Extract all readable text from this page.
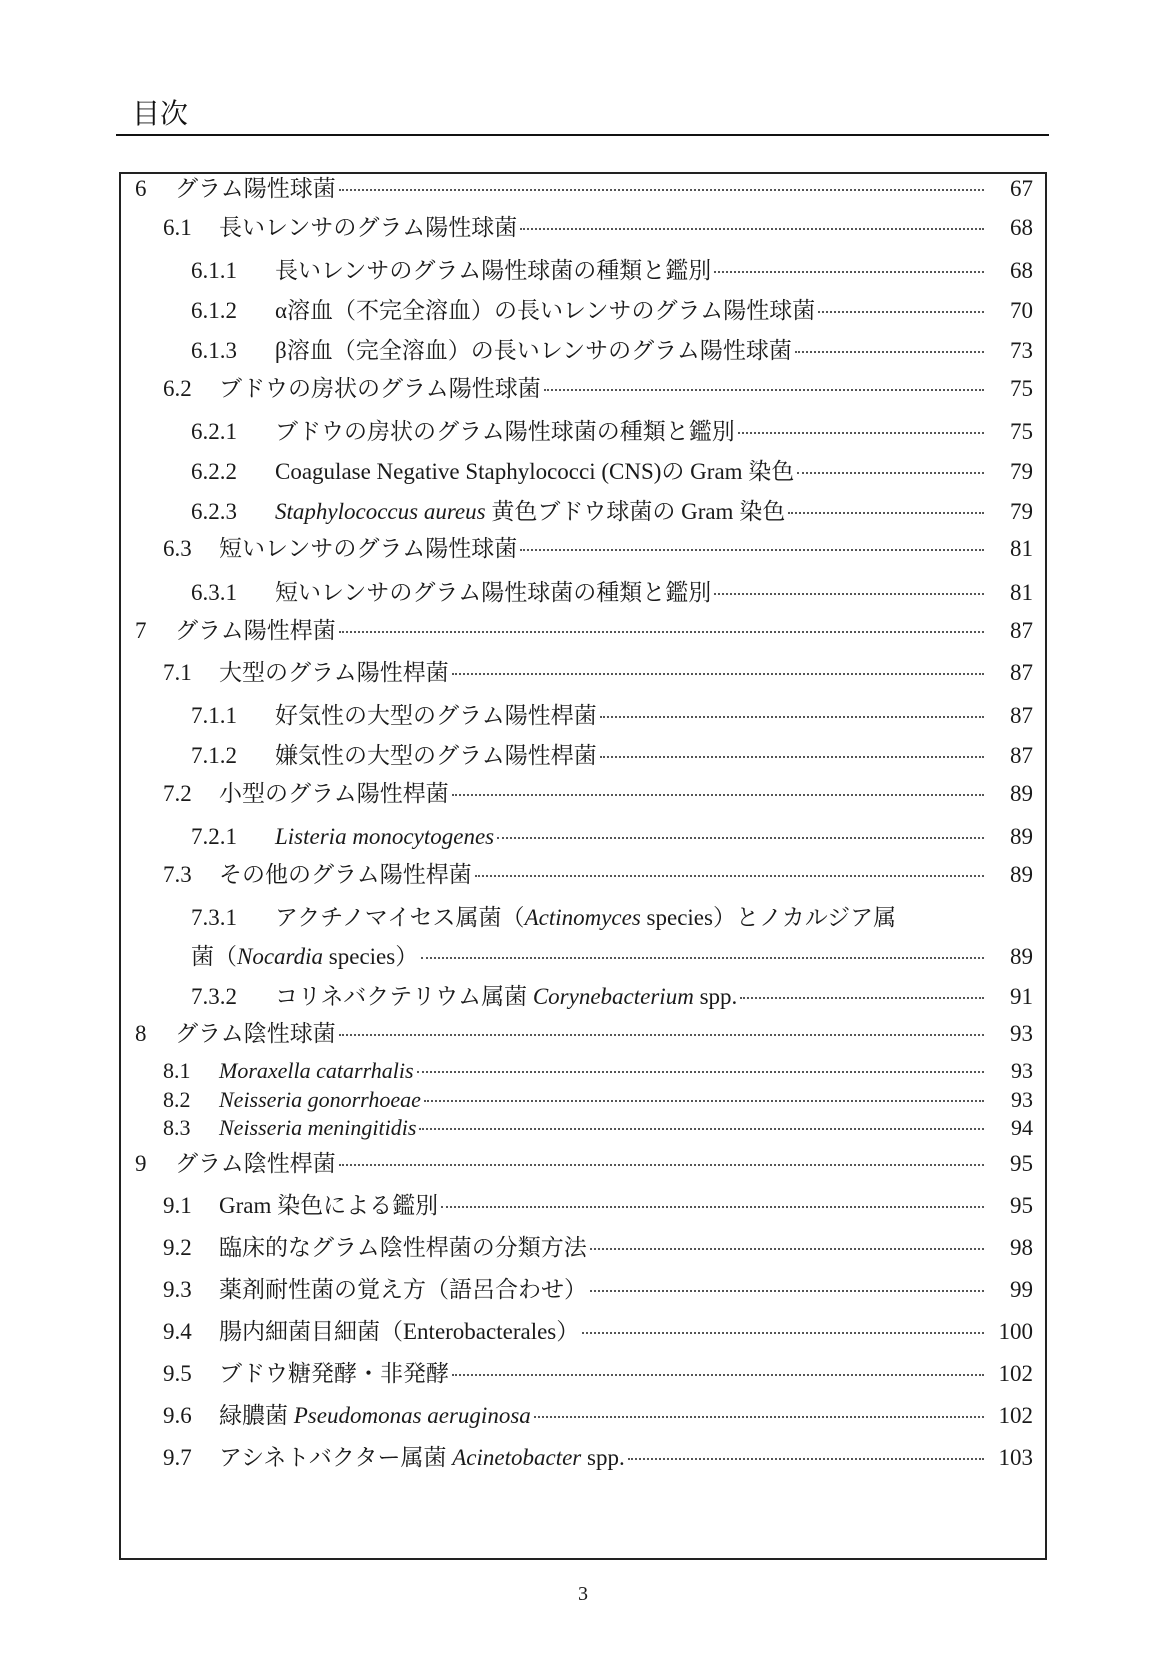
目次
6	グラム陽性球菌	67
6.1	長いレンサのグラム陽性球菌	68
6.1.1	長いレンサのグラム陽性球菌の種類と鑑別	68
6.1.2	α溶血（不完全溶血）の長いレンサのグラム陽性球菌	70
6.1.3	β溶血（完全溶血）の長いレンサのグラム陽性球菌	73
6.2	ブドウの房状のグラム陽性球菌	75
6.2.1	ブドウの房状のグラム陽性球菌の種類と鑑別	75
6.2.2	Coagulase Negative Staphylococci (CNS)の Gram 染色	79
6.2.3	Staphylococcus aureus 黄色ブドウ球菌の Gram 染色	79
6.3	短いレンサのグラム陽性球菌	81
6.3.1	短いレンサのグラム陽性球菌の種類と鑑別	81
7	グラム陽性桿菌	87
7.1	大型のグラム陽性桿菌	87
7.1.1	好気性の大型のグラム陽性桿菌	87
7.1.2	嫌気性の大型のグラム陽性桿菌	87
7.2	小型のグラム陽性桿菌	89
7.2.1	Listeria monocytogenes	89
7.3	その他のグラム陽性桿菌	89
7.3.1	アクチノマイセス属菌（Actinomyces species）とノカルジア属
菌（Nocardia species）	89
7.3.2	コリネバクテリウム属菌 Corynebacterium spp.	91
8	グラム陰性球菌	93
8.1	Moraxella catarrhalis	93
8.2	Neisseria gonorrhoeae	93
8.3	Neisseria meningitidis	94
9	グラム陰性桿菌	95
9.1	Gram 染色による鑑別	95
9.2	臨床的なグラム陰性桿菌の分類方法	98
9.3	薬剤耐性菌の覚え方（語呂合わせ）	99
9.4	腸内細菌目細菌（Enterobacterales）	100
9.5	ブドウ糖発酵・非発酵	102
9.6	緑膿菌 Pseudomonas aeruginosa	102
9.7	アシネトバクター属菌 Acinetobacter spp.	103
3
